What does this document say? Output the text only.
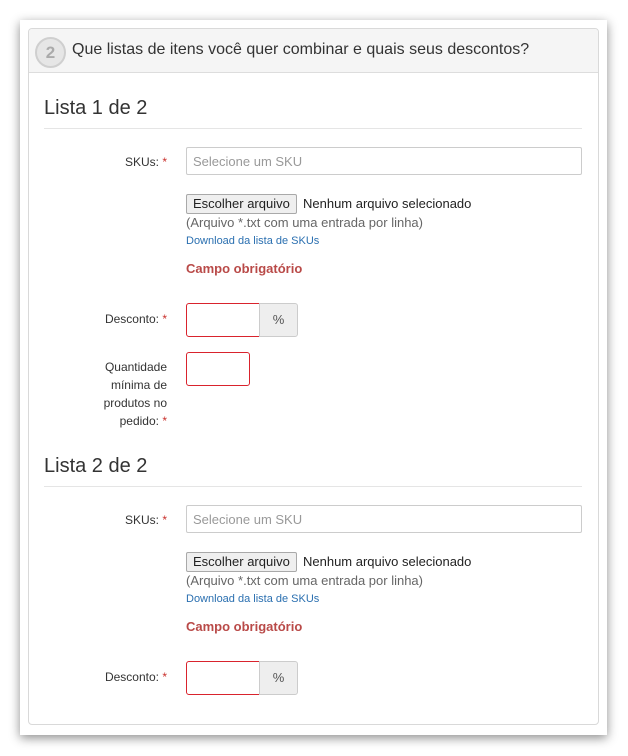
2	Que listas de itens você quer combinar e quais seus descontos?
Lista 1 de 2
SKUs: *
Selecione um SKU
Escolher arquivo	Nenhum arquivo selecionado
(Arquivo *.txt com uma entrada por linha)
Download da lista de SKUs
Campo obrigatório
Desconto: *	%
Quantidade
mínima de
produtos no
pedido: *
Lista 2 de 2
SKUs: *
Selecione um SKU
Escolher arquivo	Nenhum arquivo selecionado
(Arquivo *.txt com uma entrada por linha)
Download da lista de SKUs
Campo obrigatório
Desconto: *	%
